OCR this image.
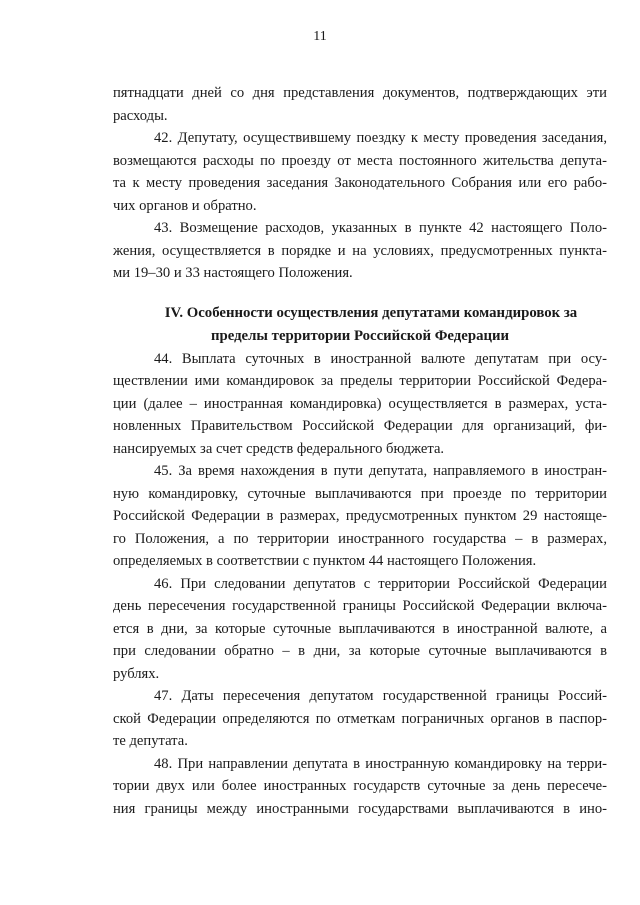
11
пятнадцати дней со дня представления документов, подтверждающих эти
расходы.
42. Депутату, осуществившему поездку к месту проведения заседания,
возмещаются расходы по проезду от места постоянного жительства депута-
та к месту проведения заседания Законодательного Собрания или его рабо-
чих органов и обратно.
43. Возмещение расходов, указанных в пункте 42 настоящего Поло-
жения, осуществляется в порядке и на условиях, предусмотренных пункта-
ми 19–30 и 33 настоящего Положения.
IV. Особенности осуществления депутатами командировок за
пределы территории Российской Федерации
44. Выплата суточных в иностранной валюте депутатам при осу-
ществлении ими командировок за пределы территории Российской Федера-
ции (далее – иностранная командировка) осуществляется в размерах, уста-
новленных Правительством Российской Федерации для организаций, фи-
нансируемых за счет средств федерального бюджета.
45. За время нахождения в пути депутата, направляемого в иностран-
ную командировку, суточные выплачиваются при проезде по территории
Российской Федерации в размерах, предусмотренных пунктом 29 настояще-
го Положения, а по территории иностранного государства – в размерах,
определяемых в соответствии с пунктом 44 настоящего Положения.
46. При следовании депутатов с территории Российской Федерации
день пересечения государственной границы Российской Федерации включа-
ется в дни, за которые суточные выплачиваются в иностранной валюте, а
при следовании обратно – в дни, за которые суточные выплачиваются в
рублях.
47. Даты пересечения депутатом государственной границы Россий-
ской Федерации определяются по отметкам пограничных органов в паспор-
те депутата.
48. При направлении депутата в иностранную командировку на терри-
тории двух или более иностранных государств суточные за день пересече-
ния границы между иностранными государствами выплачиваются в ино-
